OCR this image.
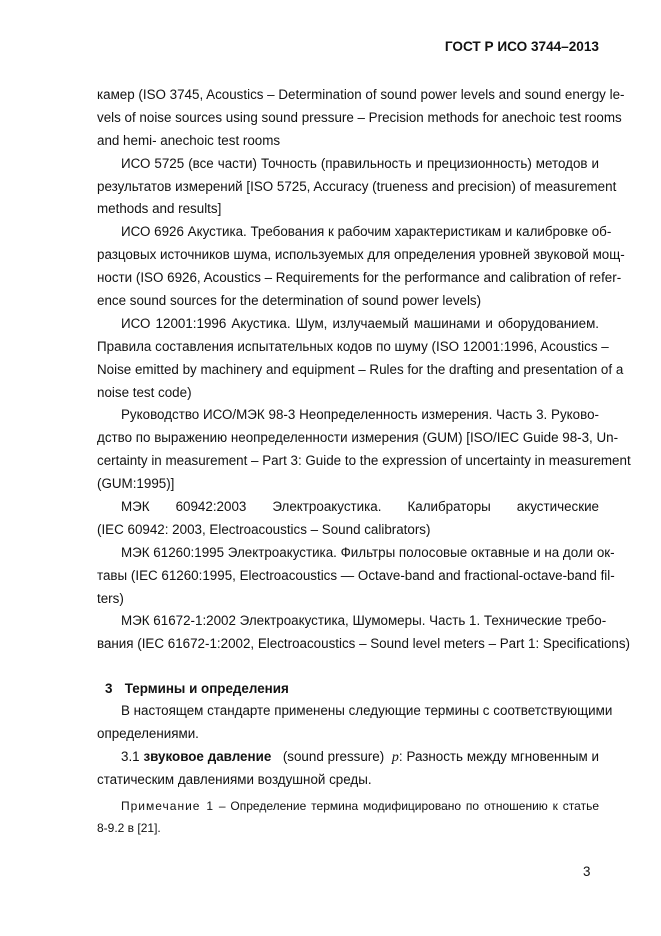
ГОСТ Р ИСО 3744–2013
камер (ISO 3745, Acoustics – Determination of sound power levels and sound energy le-
vels of noise sources using sound pressure – Precision methods for anechoic test rooms
and hemi- anechoic test rooms
ИСО 5725 (все части) Точность (правильность и прецизионность) методов и
результатов измерений [ISO 5725, Accuracy (trueness and precision) of measurement
methods and results]
ИСО 6926 Акустика. Требования к рабочим характеристикам и калибровке об-
разцовых источников шума, используемых для определения уровней звуковой мощ-
ности (ISO 6926, Acoustics – Requirements for the performance and calibration of refer-
ence sound sources for the determination of sound power levels)
ИСО 12001:1996 Акустика. Шум, излучаемый машинами и оборудованием.
Правила составления испытательных кодов по шуму (ISO 12001:1996, Acoustics –
Noise emitted by machinery and equipment – Rules for the drafting and presentation of a
noise test code)
Руководство ИСО/МЭК 98-3 Неопределенность измерения. Часть 3. Руково-
дство по выражению неопределенности измерения (GUM) [ISO/IEC Guide 98-3, Un-
certainty in measurement – Part 3: Guide to the expression of uncertainty in measurement
(GUM:1995)]
МЭК 60942:2003 Электроакустика. Калибраторы акустические
(IEC 60942: 2003, Electroacoustics – Sound calibrators)
МЭК 61260:1995 Электроакустика. Фильтры полосовые октавные и на доли ок-
тавы (IEC 61260:1995, Electroacoustics — Octave-band and fractional-octave-band fil-
ters)
МЭК 61672-1:2002 Электроакустика, Шумомеры. Часть 1. Технические требо-
вания (IEC 61672-1:2002, Electroacoustics – Sound level meters – Part 1: Specifications)
3 Термины и определения
В настоящем стандарте применены следующие термины с соответствующими
определениями.
3.1 звуковое давление (sound pressure) p: Разность между мгновенным и
статическим давлениями воздушной среды.
Примечание 1 – Определение термина модифицировано по отношению к статье
8-9.2 в [21].
3
